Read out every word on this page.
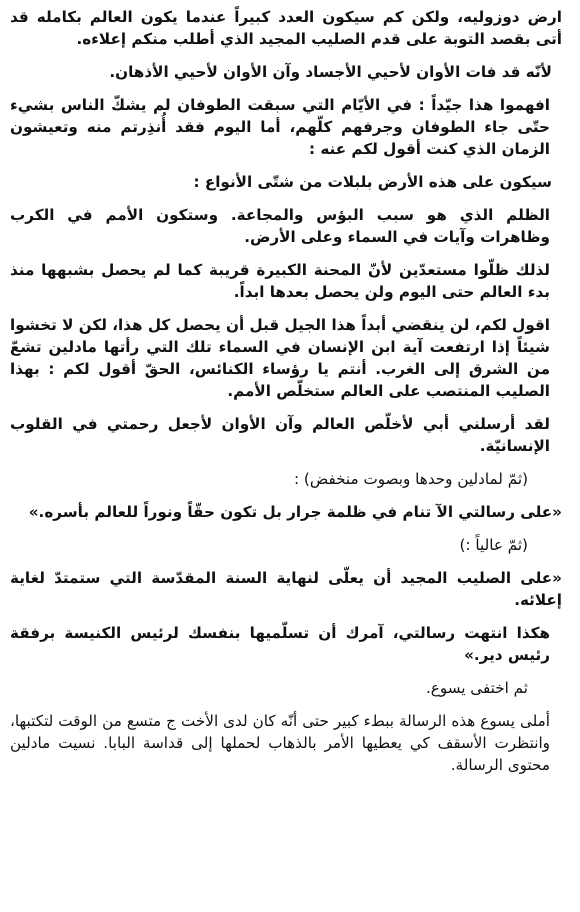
ارض دوزوليه، ولكن كم سيكون العدد كبيراً عندما يكون العالم بكامله قد أتى بقصد التوبة على قدم الصليب المجيد الذي أطلب منكم إعلاءه.

لأنّه قد فات الأوان لأحيي الأجساد وآن الأوان لأحيي الأذهان.

افهموا هذا جيّداً : في الأيّام التي سبقت الطوفان لم يشكّ الناس بشيء حتّى جاء الطوفان وجرفهم كلّهم، أما اليوم فقد أُنذِرتم منه وتعيشون الزمان الذي كنت أقول لكم عنه :

سيكون على هذه الأرض بلبلات من شتّى الأنواع :

الظلم الذي هو سبب البؤس والمجاعة. وستكون الأمم في الكرب وظاهرات وآيات في السماء وعلى الأرض.

لذلك ظلّوا مستعدّين لأنّ المحنة الكبيرة قريبة كما لم يحصل بشبهها منذ بدء العالم حتى اليوم ولن يحصل بعدها ابداً.

اقول لكم، لن ينقضي أبداً هذا الجيل قبل أن يحصل كل هذا، لكن لا تخشوا شيئاً إذا ارتفعت آية ابن الإنسان في السماء تلك التي رأتها مادلين تشعّ من الشرق إلى الغرب. أنتم يا رؤساء الكنائس، الحقّ أقول لكم : بهذا الصليب المنتصب على العالم ستخلّص الأمم.

لقد أرسلني أبي لأخلّص العالم وآن الأوان لأجعل رحمتي في القلوب الإنسانيّة.

(ثمّ لمادلين وحدها وبصوت منخفض) :

«على رسالتي الآ تنام في ظلمة جرار بل تكون حقّاً ونوراً للعالم بأسره.»

(ثمّ عالياً :)

«على الصليب المجيد أن يعلّى لنهاية السنة المقدّسة التي ستمتدّ لغاية إعلائه.

هكذا انتهت رسالتي، آمرك أن تسلّميها بنفسك لرئيس الكنيسة برفقة رئيس دير.»

ثم اختفى يسوع.

أملى يسوع هذه الرسالة ببطء كبير حتى أنّه كان لدى الأخت ج متسع من الوقت لتكتبها، وانتظرت الأسقف كي يعطيها الأمر بالذهاب لحملها إلى قداسة البابا. نسيت مادلين محتوى الرسالة.
